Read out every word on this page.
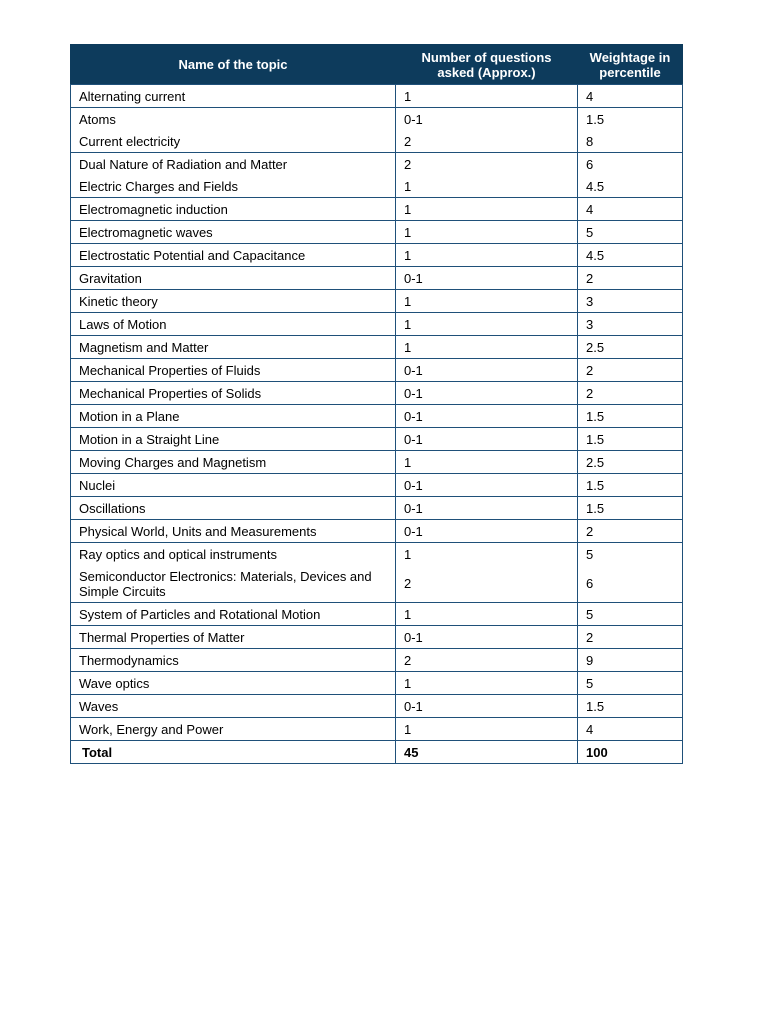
Name of the topic	Number of questions asked (Approx.)	Weightage in percentile
Alternating current	1	4
Atoms	0-1	1.5
Current electricity	2	8
Dual Nature of Radiation and Matter	2	6
Electric Charges and Fields	1	4.5
Electromagnetic induction	1	4
Electromagnetic waves	1	5
Electrostatic Potential and Capacitance	1	4.5
Gravitation	0-1	2
Kinetic theory	1	3
Laws of Motion	1	3
Magnetism and Matter	1	2.5
Mechanical Properties of Fluids	0-1	2
Mechanical Properties of Solids	0-1	2
Motion in a Plane	0-1	1.5
Motion in a Straight Line	0-1	1.5
Moving Charges and Magnetism	1	2.5
Nuclei	0-1	1.5
Oscillations	0-1	1.5
Physical World, Units and Measurements	0-1	2
Ray optics and optical instruments	1	5
Semiconductor Electronics: Materials, Devices and Simple Circuits	2	6
System of Particles and Rotational Motion	1	5
Thermal Properties of Matter	0-1	2
Thermodynamics	2	9
Wave optics	1	5
Waves	0-1	1.5
Work, Energy and Power	1	4
Total	45	100
